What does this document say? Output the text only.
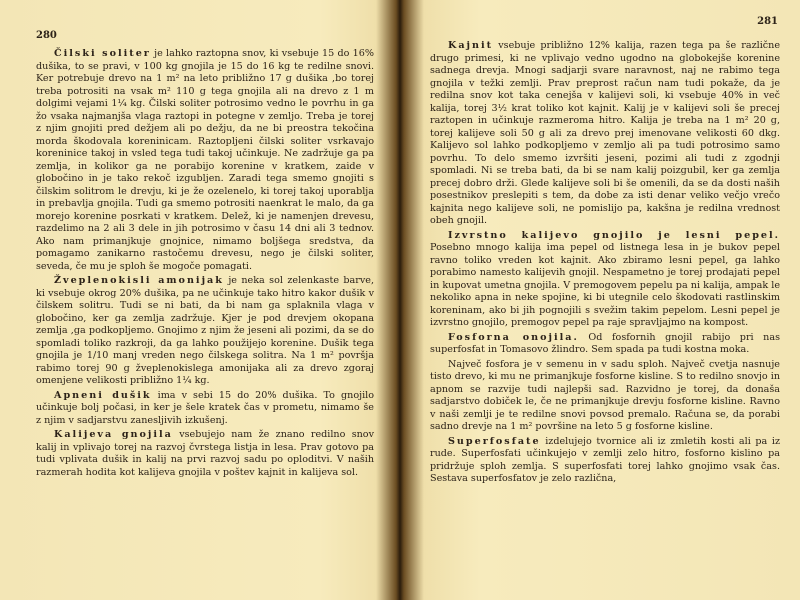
280

Čilski soliter je lahko raztopna snov, ki vsebuje 15 do 16% dušika, to se pravi, v 100 kg gnojila je 15 do 16 kg te redilne snovi. Ker potrebuje drevo na 1 m² na leto približno 17 g dušika ,bo torej treba potrositi na vsak m² 110 g tega gnojila ali na drevo z 1 m dolgimi vejami 1¼ kg. Čilski soliter potrosimo vedno le povrhu in ga žo vsaka najmanjša vlaga raztopi in potegne v zemljo. Treba je torej z njim gnojiti pred dežjem ali po dežju, da ne bi preostra tekočina morda škodovala koreninicam. Raztopljeni čilski soliter vsrkavajo koreninice takoj in vsled tega tudi takoj učinkuje. Ne zadržuje ga pa zemlja, in kolikor ga ne porabijo korenine v kratkem, zaide v globočino in je tako rekoč izgubljen. Zaradi tega smemo gnojiti s čilskim solitrom le drevju, ki je že ozelenelo, ki torej takoj uporablja in prebavlja gnojila. Tudi ga smemo potrositi naenkrat le malo, da ga morejo korenine posrkati v kratkem. Delež, ki je namenjen drevesu, razdelimo na 2 ali 3 dele in jih potrosimo v času 14 dni ali 3 tednov. Ako nam primanjkuje gnojnice, nimamo boljšega sredstva, da pomagamo zanikarno rastočemu drevesu, nego je čilski soliter, seveda, če mu je sploh še mogoče pomagati.

Žveplenokisli amonijak je neka sol zelenkaste barve, ki vsebuje okrog 20% dušika, pa ne učinkuje tako hitro kakor dušik v čilskem solitru. Tudi se ni bati, da bi nam ga splaknila vlaga v globočino, ker ga zemlja zadržuje. Kjer je pod drevjem okopana zemlja ,ga podkopljemo. Gnojimo z njim že jeseni ali pozimi, da se do spomladi toliko razkroji, da ga lahko použijejo korenine. Dušik tega gnojila je 1/10 manj vreden nego čilskega solitra. Na 1 m² površja rabimo torej 90 g žveplenokislega amonijaka ali za drevo zgoraj omenjene velikosti približno 1¼ kg.

Apneni dušik ima v sebi 15 do 20% dušika. To gnojilo učinkuje bolj počasi, in ker je šele kratek čas v prometu, nimamo še z njim v sadjarstvu zanesljivih izkušenj.

Kalijeva gnojila vsebujejo nam že znano redilno snov kalij in vplivajo torej na razvoj čvrstega listja in lesa. Prav gotovo pa tudi vplivata dušik in kalij na prvi razvoj sadu po oploditvi. V naših razmerah hodita kot kalijeva gnojila v poštev kajnit in kalijeva sol.

281

Kajnit vsebuje približno 12% kalija, razen tega pa še različne drugo primesi, ki ne vplivajo vedno ugodno na globokejše korenine sadnega drevja. Mnogi sadjarji svare naravnost, naj ne rabimo tega gnojila v težki zemlji. Prav preprost račun nam tudi pokaže, da je redilna snov kot taka cenejša v kalijevi soli, ki vsebuje 40% in več kalija, torej 3½ krat toliko kot kajnit. Kalij je v kalijevi soli še precej raztopen in učinkuje razmeroma hitro. Kalija je treba na 1 m² 20 g, torej kalijeve soli 50 g ali za drevo prej imenovane velikosti 60 dkg. Kalijevo sol lahko podkopljemo v zemljo ali pa tudi potrosimo samo povrhu. To delo smemo izvršiti jeseni, pozimi ali tudi z zgodnji spomladi. Ni se treba bati, da bi se nam kalij poizgubil, ker ga zemlja precej dobro drži. Glede kalijeve soli bi še omenili, da se da dosti naših posestnikov preslepiti s tem, da dobe za isti denar veliko večjo vrečo kajnita nego kalijeve soli, ne pomislijo pa, kakšna je redilna vrednost obeh gnojil.

Izvrstno kalijevo gnojilo je lesni pepel. Posebno mnogo kalija ima pepel od listnega lesa in je bukov pepel ravno toliko vreden kot kajnit. Ako zbiramo lesni pepel, ga lahko porabimo namesto kalijevih gnojil. Nespametno je torej prodajati pepel in kupovat umetna gnojila. V premogovem pepelu pa ni kalija, ampak le nekoliko apna in neke spojine, ki bi utegnile celo škodovati rastlinskim koreninam, ako bi jih pognojili s svežim takim pepelom. Lesni pepel je izvrstno gnojilo, premogov pepel pa raje spravljajmo na kompost.

Fosforna onojila. Od fosfornih gnojil rabijo pri nas superfosfat in Tomasovo žlindro. Sem spada pa tudi kostna moka.

Največ fosfora je v semenu in v sadu sploh. Največ cvetja nasnuje tisto drevo, ki mu ne primanjkuje fosforne kisline. S to redilno snovjo in apnom se razvije tudi najlepši sad. Razvidno je torej, da donaša sadjarstvo dobiček le, če ne primanjkuje drevju fosforne kisline. Ravno v naši zemlji je te redilne snovi povsod premalo. Računa se, da porabi sadno drevje na 1 m² površine na leto 5 g fosforne kisline.

Superfosfate izdelujejo tvornice ali iz zmletih kosti ali pa iz rude. Superfosfati učinkujejo v zemlji zelo hitro, fosforno kislino pa pridržuje sploh zemlja. S superfosfati torej lahko gnojimo vsak čas. Sestava superfosfatov je zelo različna,
